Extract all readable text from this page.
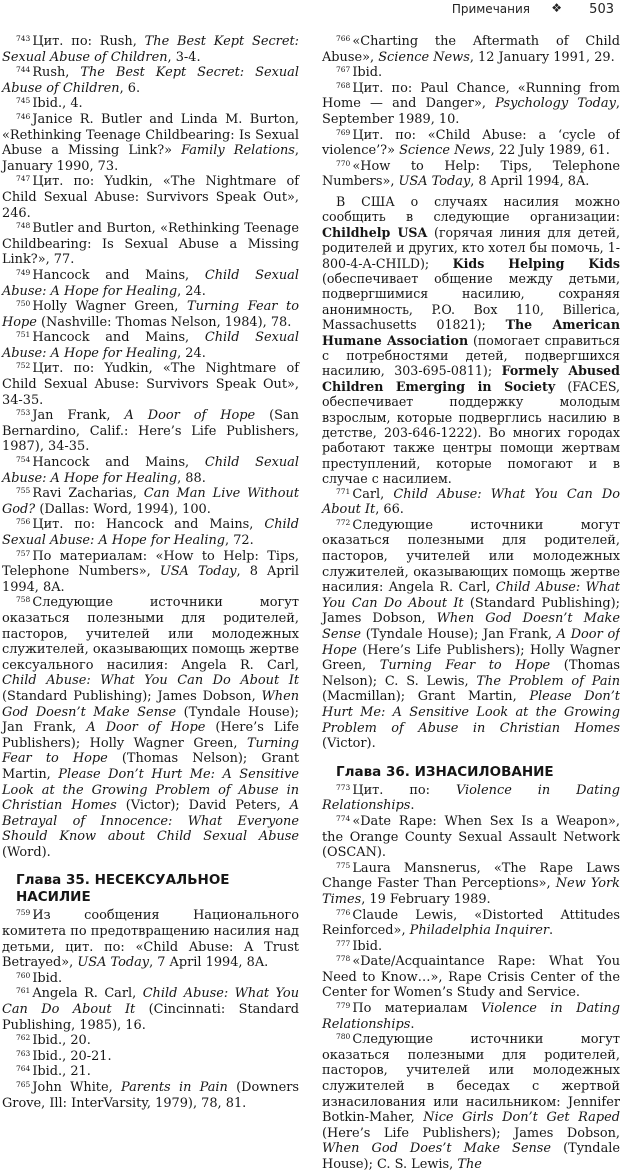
Примечания ❖ 503
$^{743}$ Цит. по: Rush, The Best Kept Secret: Sexual Abuse of Children, 3-4.
$^{744}$ Rush, The Best Kept Secret: Sexual Abuse of Children, 6.
$^{745}$ Ibid., 4.
$^{746}$ Janice R. Butler and Linda M. Burton, «Rethinking Teenage Childbearing: Is Sexual Abuse a Missing Link?» Family Relations, January 1990, 73.
$^{747}$ Цит. по: Yudkin, «The Nightmare of Child Sexual Abuse: Survivors Speak Out», 246.
$^{748}$ Butler and Burton, «Rethinking Teenage Childbearing: Is Sexual Abuse a Missing Link?», 77.
$^{749}$ Hancock and Mains, Child Sexual Abuse: A Hope for Healing, 24.
$^{750}$ Holly Wagner Green, Turning Fear to Hope (Nashville: Thomas Nelson, 1984), 78.
$^{751}$ Hancock and Mains, Child Sexual Abuse: A Hope for Healing, 24.
$^{752}$ Цит. по: Yudkin, «The Nightmare of Child Sexual Abuse: Survivors Speak Out», 34-35.
$^{753}$ Jan Frank, A Door of Hope (San Bernardino, Calif.: Here’s Life Publishers, 1987), 34-35.
$^{754}$ Hancock and Mains, Child Sexual Abuse: A Hope for Healing, 88.
$^{755}$ Ravi Zacharias, Can Man Live Without God? (Dallas: Word, 1994), 100.
$^{756}$ Цит. по: Hancock and Mains, Child Sexual Abuse: A Hope for Healing, 72.
$^{757}$ По материалам: «How to Help: Tips, Telephone Numbers», USA Today, 8 April 1994, 8A.
$^{758}$ Следующие источники могут оказаться полезными для родителей, пасторов, учителей или молодежных служителей, оказывающих помощь жертве сексуального насилия: Angela R. Carl, Child Abuse: What You Can Do About It (Standard Publishing); James Dobson, When God Doesn’t Make Sense (Tyndale House); Jan Frank, A Door of Hope (Here’s Life Publishers); Holly Wagner Green, Turning Fear to Hope (Thomas Nelson); Grant Martin, Please Don’t Hurt Me: A Sensitive Look at the Growing Problem of Abuse in Christian Homes (Victor); David Peters, A Betrayal of Innocence: What Everyone Should Know about Child Sexual Abuse (Word).
Глава 35. НЕСЕКСУАЛЬНОЕ НАСИЛИЕ
$^{759}$ Из сообщения Национального комитета по предотвращению насилия над детьми, цит. по: «Child Abuse: A Trust Betrayed», USA Today, 7 April 1994, 8A.
$^{760}$ Ibid.
$^{761}$ Angela R. Carl, Child Abuse: What You Can Do About It (Cincinnati: Standard Publishing, 1985), 16.
$^{762}$ Ibid., 20.
$^{763}$ Ibid., 20-21.
$^{764}$ Ibid., 21.
$^{765}$ John White, Parents in Pain (Downers Grove, Ill: InterVarsity, 1979), 78, 81.
$^{766}$ «Charting the Aftermath of Child Abuse», Science News, 12 January 1991, 29.
$^{767}$ Ibid.
$^{768}$ Цит. по: Paul Chance, «Running from Home — and Danger», Psychology Today, September 1989, 10.
$^{769}$ Цит. по: «Child Abuse: a ‘cycle of violence’?» Science News, 22 July 1989, 61.
$^{770}$ «How to Help: Tips, Telephone Numbers», USA Today, 8 April 1994, 8A.
В США о случаях насилия можно сообщить в следующие организации: Childhelp USA (горячая линия для детей, родителей и других, кто хотел бы помочь, 1-800-4-A-CHILD); Kids Helping Kids (обеспечивает общение между детьми, подвергшимися насилию, сохраняя анонимность, P.O. Box 110, Billerica, Massachusetts 01821); The American Humane Association (помогает справиться с потребностями детей, подвергшихся насилию, 303-695-0811); Formely Abused Children Emerging in Society (FACES, обеспечивает поддержку молодым взрослым, которые подверглись насилию в детстве, 203-646-1222). Во многих городах работают также центры помощи жертвам преступлений, которые помогают и в случае с насилием.
$^{771}$ Carl, Child Abuse: What You Can Do About It, 66.
$^{772}$ Следующие источники могут оказаться полезными для родителей, пасторов, учителей или молодежных служителей, оказывающих помощь жертве насилия: Angela R. Carl, Child Abuse: What You Can Do About It (Standard Publishing); James Dobson, When God Doesn’t Make Sense (Tyndale House); Jan Frank, A Door of Hope (Here’s Life Publishers); Holly Wagner Green, Turning Fear to Hope (Thomas Nelson); C. S. Lewis, The Problem of Pain (Macmillan); Grant Martin, Please Don’t Hurt Me: A Sensitive Look at the Growing Problem of Abuse in Christian Homes (Victor).
Глава 36. ИЗНАСИЛОВАНИЕ
$^{773}$ Цит. по: Violence in Dating Relationships.
$^{774}$ «Date Rape: When Sex Is a Weapon», the Orange County Sexual Assault Network (OSCAN).
$^{775}$ Laura Mansnerus, «The Rape Laws Change Faster Than Perceptions», New York Times, 19 February 1989.
$^{776}$ Claude Lewis, «Distorted Attitudes Reinforced», Philadelphia Inquirer.
$^{777}$ Ibid.
$^{778}$ «Date/Acquaintance Rape: What You Need to Know…», Rape Crisis Center of the Center for Women’s Study and Service.
$^{779}$ По материалам Violence in Dating Relationships.
$^{780}$ Следующие источники могут оказаться полезными для родителей, пасторов, учителей или молодежных служителей в беседах с жертвой изнасилования или насильником: Jennifer Botkin-Maher, Nice Girls Don’t Get Raped (Here’s Life Publishers); James Dobson, When God Does’t Make Sense (Tyndale House); C. S. Lewis, The
